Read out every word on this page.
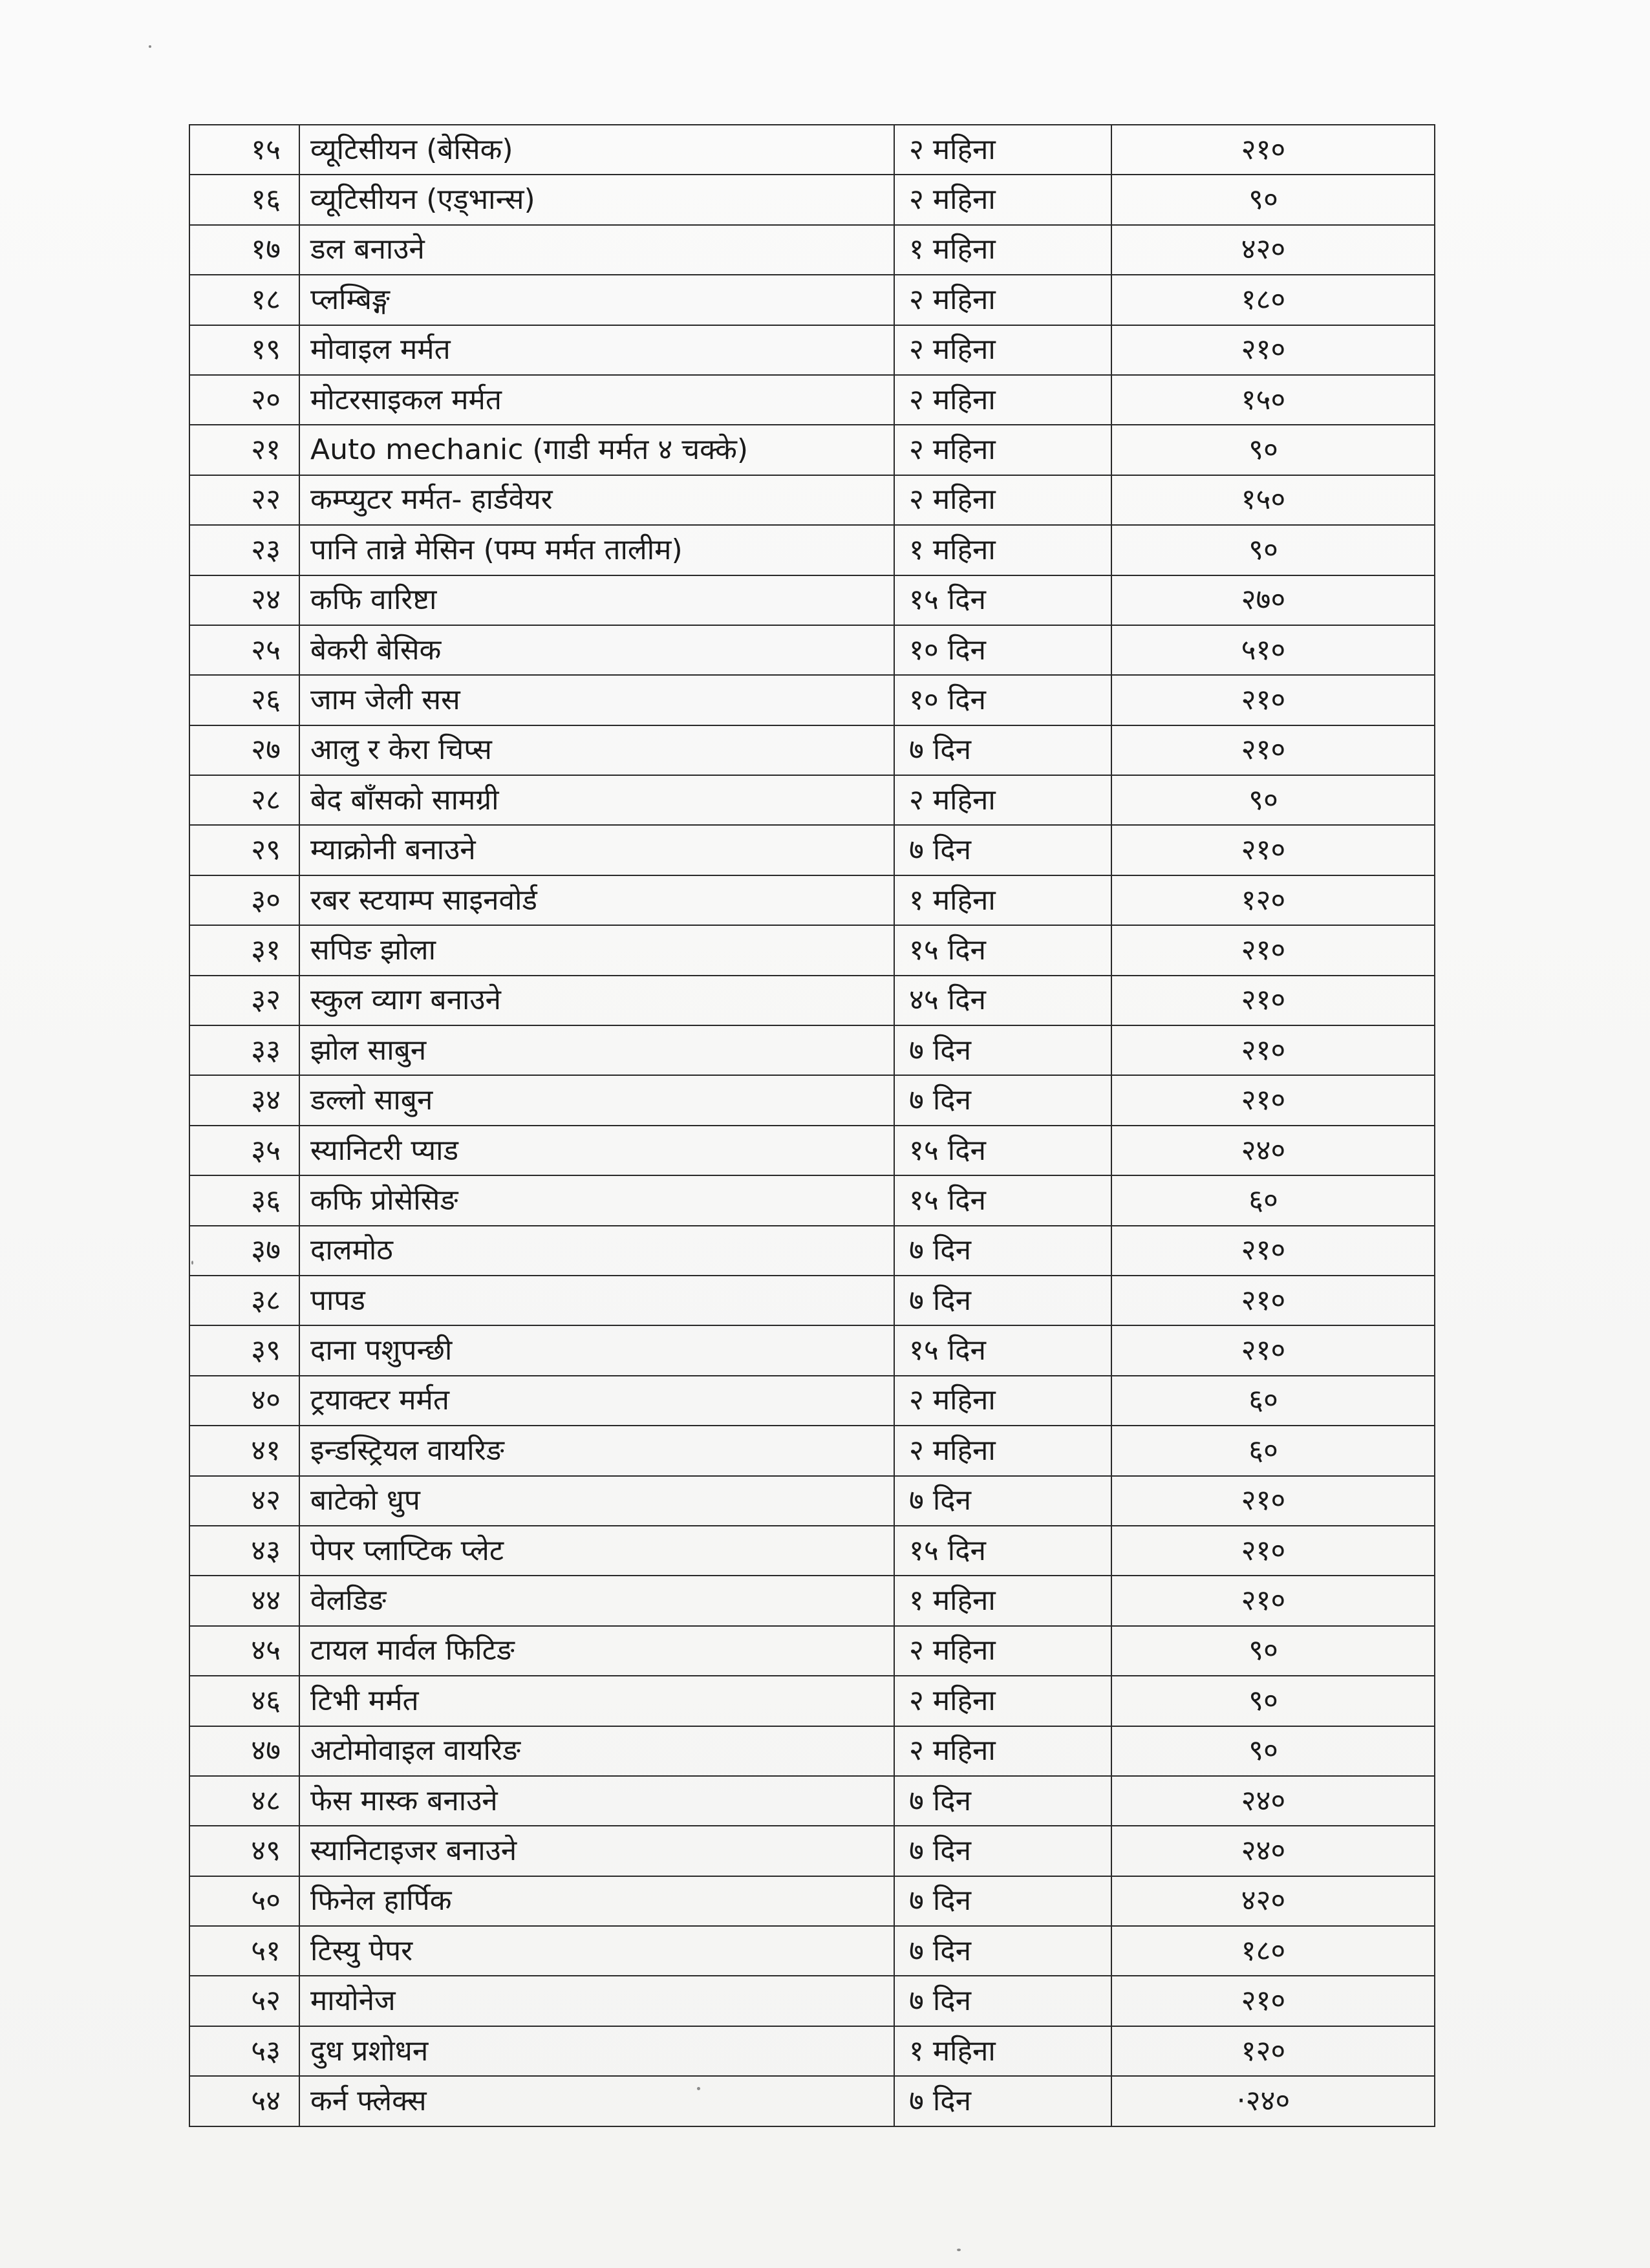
१५	व्यूटिसीयन (बेसिक)	२ महिना	२१०
१६	व्यूटिसीयन (एड्भान्स)	२ महिना	९०
१७	डल बनाउने	१ महिना	४२०
१८	प्लम्बिङ्ग	२ महिना	१८०
१९	मोवाइल मर्मत	२ महिना	२१०
२०	मोटरसाइकल मर्मत	२ महिना	१५०
२१	Auto mechanic (गाडी मर्मत ४ चक्के)	२ महिना	९०
२२	कम्प्युटर मर्मत- हार्डवेयर	२ महिना	१५०
२३	पानि तान्ने मेसिन (पम्प मर्मत तालीम)	१ महिना	९०
२४	कफि वारिष्टा	१५ दिन	२७०
२५	बेकरी बेसिक	१० दिन	५१०
२६	जाम जेली सस	१० दिन	२१०
२७	आलु र केरा चिप्स	७ दिन	२१०
२८	बेद बाँसको सामग्री	२ महिना	९०
२९	म्याक्रोनी बनाउने	७ दिन	२१०
३०	रबर स्टयाम्प साइनवोर्ड	१ महिना	१२०
३१	सपिङ झोला	१५ दिन	२१०
३२	स्कुल व्याग बनाउने	४५ दिन	२१०
३३	झोल साबुन	७ दिन	२१०
३४	डल्लो साबुन	७ दिन	२१०
३५	स्यानिटरी प्याड	१५ दिन	२४०
३६	कफि प्रोसेसिङ	१५ दिन	६०
३७	दालमोठ	७ दिन	२१०
३८	पापड	७ दिन	२१०
३९	दाना पशुपन्छी	१५ दिन	२१०
४०	ट्रयाक्टर मर्मत	२ महिना	६०
४१	इन्डस्ट्रियल वायरिङ	२ महिना	६०
४२	बाटेको धुप	७ दिन	२१०
४३	पेपर प्लाप्टिक प्लेट	१५ दिन	२१०
४४	वेलडिङ	१ महिना	२१०
४५	टायल मार्वल फिटिङ	२ महिना	९०
४६	टिभी मर्मत	२ महिना	९०
४७	अटोमोवाइल वायरिङ	२ महिना	९०
४८	फेस मास्क बनाउने	७ दिन	२४०
४९	स्यानिटाइजर बनाउने	७ दिन	२४०
५०	फिनेल हार्पिक	७ दिन	४२०
५१	टिस्यु पेपर	७ दिन	१८०
५२	मायोनेज	७ दिन	२१०
५३	दुध प्रशोधन	१ महिना	१२०
५४	कर्न फ्लेक्स	७ दिन	·२४०
